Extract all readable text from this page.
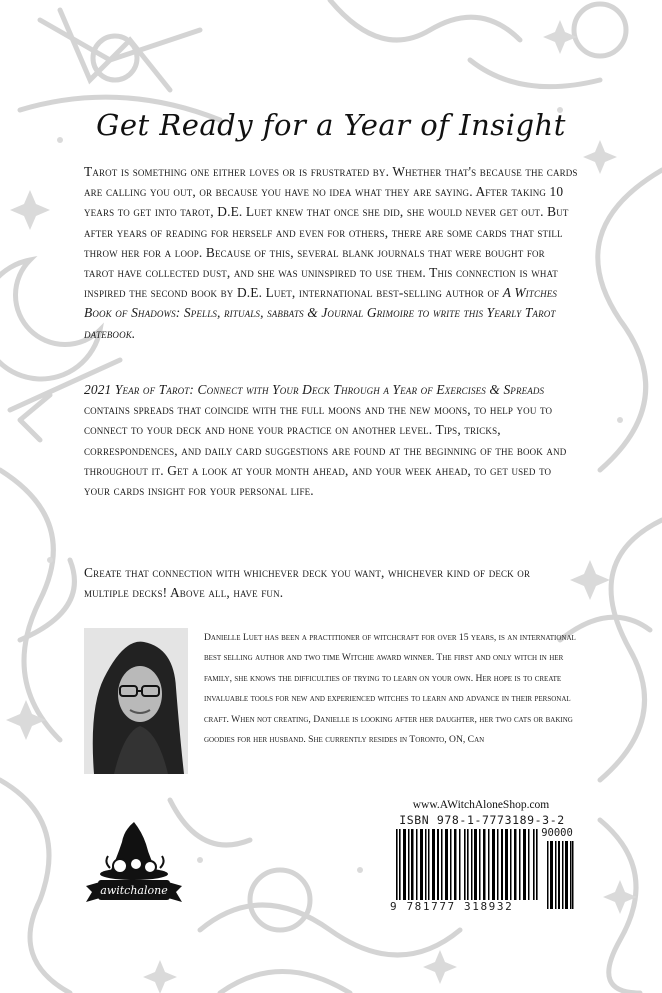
Get Ready for a Year of Insight

Tarot is something one either loves or is frustrated by. Whether that's because the cards are calling you out, or because you have no idea what they are saying. After taking 10 years to get into tarot, D.E. Luet knew that once she did, she would never get out. But after years of reading for herself and even for others, there are some cards that still throw her for a loop. Because of this, several blank journals that were bought for tarot have collected dust, and she was uninspired to use them. This connection is what inspired the second book by D.E. Luet, international best-selling author of A Witches Book of Shadows: Spells, rituals, sabbats & Journal Grimoire to write this Yearly Tarot datebook.

2021 Year of Tarot: Connect with Your Deck Through a Year of Exercises & Spreads contains spreads that coincide with the full moons and the new moons, to help you to connect to your deck and hone your practice on another level. Tips, tricks, correspondences, and daily card suggestions are found at the beginning of the book and throughout it. Get a look at your month ahead, and your week ahead, to get used to your cards insight for your personal life.

Create that connection with whichever deck you want, whichever kind of deck or multiple decks! Above all, have fun.

Danielle Luet has been a practitioner of witchcraft for over 15 years, is an international best selling author and two time Witchie award winner. The first and only witch in her family, she knows the difficulties of trying to learn on your own. Her hope is to create invaluable tools for new and experienced witches to learn and advance in their personal craft. When not creating, Danielle is looking after her daughter, her two cats or baking goodies for her husband. She currently resides in Toronto, ON, Can

www.AWitchAloneShop.com
ISBN 978-1-7773189-3-2
90000
9 781777 318932
awitchalone
